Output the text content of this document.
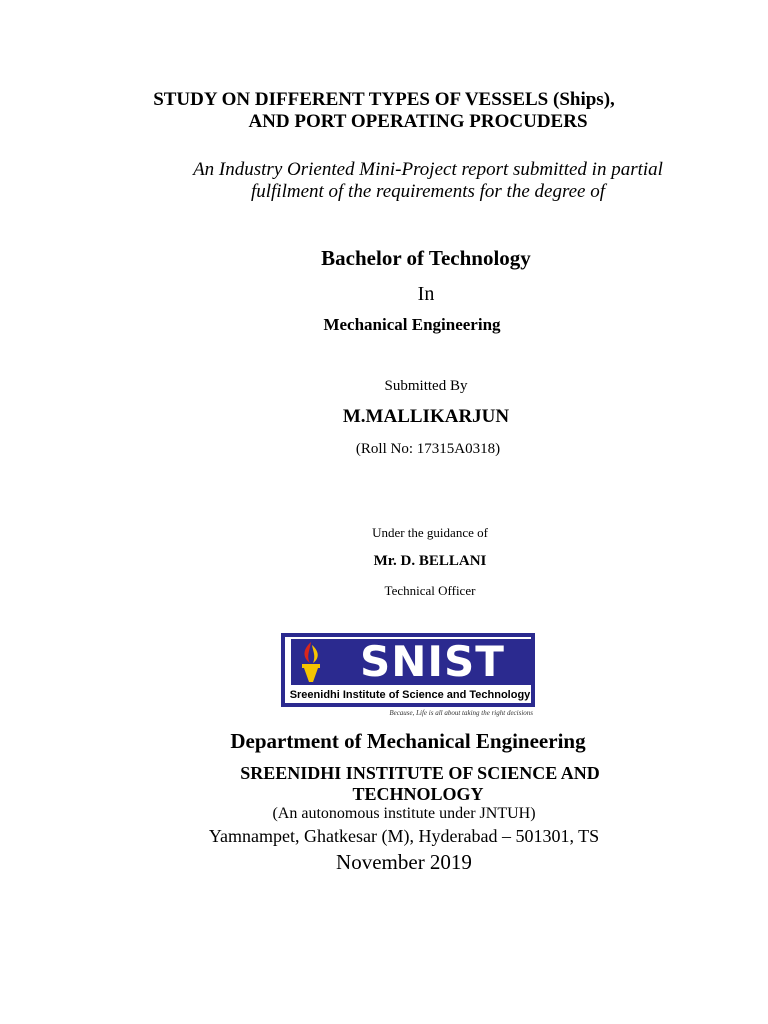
STUDY ON DIFFERENT TYPES OF VESSELS (Ships),
AND PORT OPERATING PROCUDERS
An Industry Oriented Mini-Project report submitted in partial
fulfilment of the requirements for the degree of
Bachelor of Technology
In
Mechanical Engineering
Submitted By
M.MALLIKARJUN
(Roll No: 17315A0318)
Under the guidance of
Mr. D. BELLANI
Technical Officer
SNIST
Sreenidhi Institute of Science and Technology
Because, Life is all about taking the right decisions
Department of Mechanical Engineering
SREENIDHI INSTITUTE OF SCIENCE AND
TECHNOLOGY
(An autonomous institute under JNTUH)
Yamnampet, Ghatkesar (M), Hyderabad – 501301, TS
November 2019
